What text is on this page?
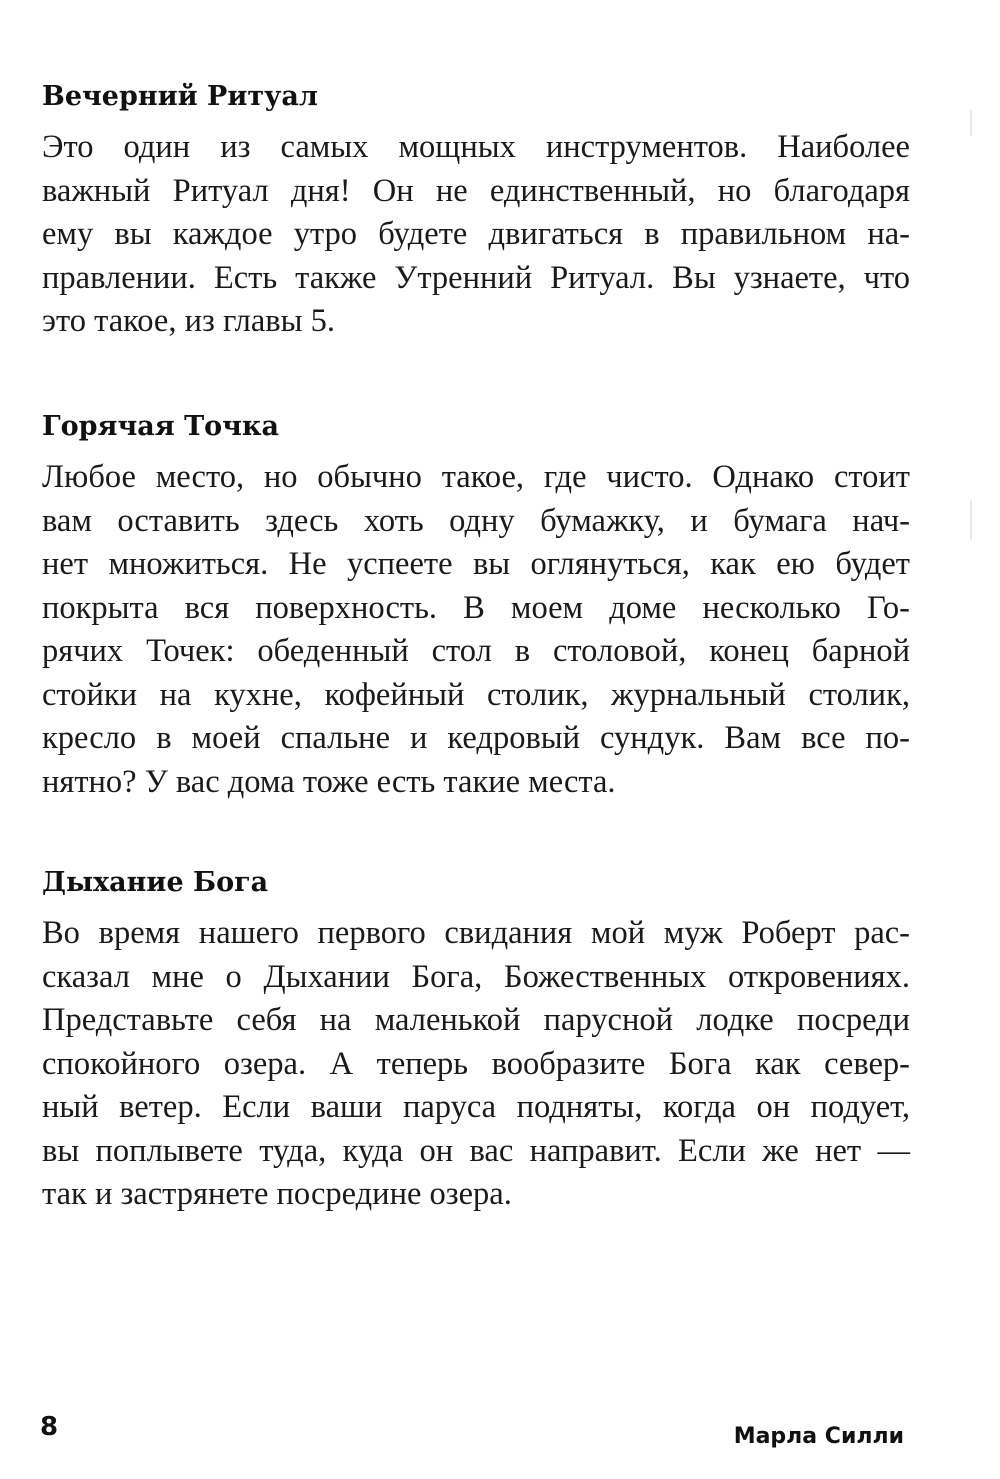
Вечерний Ритуал

Это один из самых мощных инструментов. Наиболее
важный Ритуал дня! Он не единственный, но благодаря
ему вы каждое утро будете двигаться в правильном на-
правлении. Есть также Утренний Ритуал. Вы узнаете, что
это такое, из главы 5.

Горячая Точка

Любое место, но обычно такое, где чисто. Однако стоит
вам оставить здесь хоть одну бумажку, и бумага нач-
нет множиться. Не успеете вы оглянуться, как ею будет
покрыта вся поверхность. В моем доме несколько Го-
рячих Точек: обеденный стол в столовой, конец барной
стойки на кухне, кофейный столик, журнальный столик,
кресло в моей спальне и кедровый сундук. Вам все по-
нятно? У вас дома тоже есть такие места.

Дыхание Бога

Во время нашего первого свидания мой муж Роберт рас-
сказал мне о Дыхании Бога, Божественных откровениях.
Представьте себя на маленькой парусной лодке посреди
спокойного озера. А теперь вообразите Бога как север-
ный ветер. Если ваши паруса подняты, когда он подует,
вы поплывете туда, куда он вас направит. Если же нет —
так и застрянете посредине озера.

8	Марла Силли
